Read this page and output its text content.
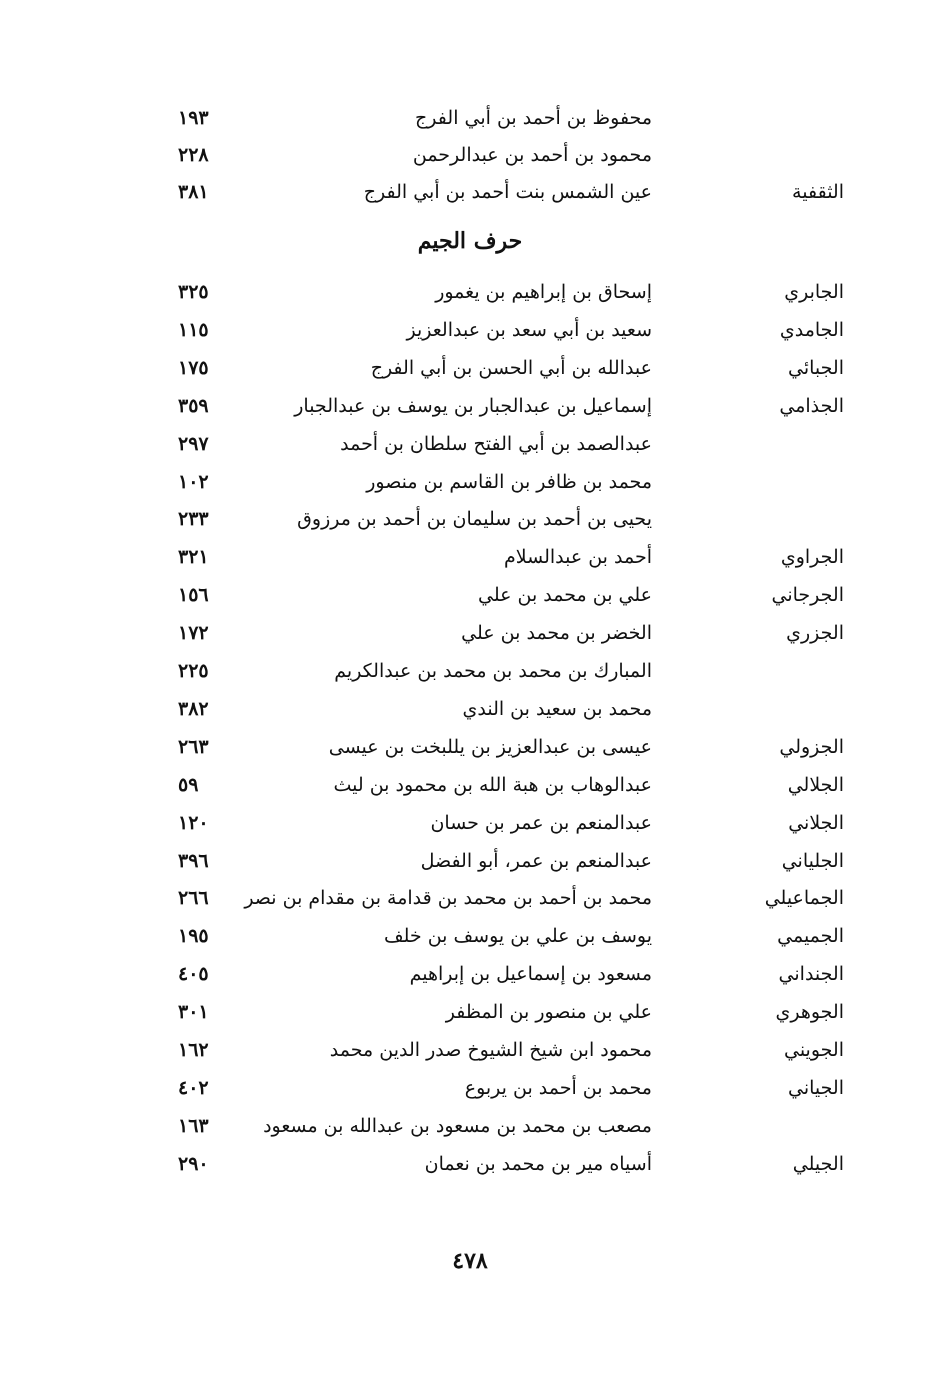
محفوظ بن أحمد بن أبي الفرج
١٩٣
محمود بن أحمد بن عبدالرحمن
٢٢٨
الثقفية
عين الشمس بنت أحمد بن أبي الفرج
٣٨١
حرف الجيم
الجابري
إسحاق بن إبراهيم بن يغمور
٣٢٥
الجامدي
سعيد بن أبي سعد بن عبدالعزيز
١١٥
الجبائي
عبدالله بن أبي الحسن بن أبي الفرج
١٧٥
الجذامي
إسماعيل بن عبدالجبار بن يوسف بن عبدالجبار
٣٥٩
عبدالصمد بن أبي الفتح سلطان بن أحمد
٢٩٧
محمد بن ظافر بن القاسم بن منصور
١٠٢
يحيى بن أحمد بن سليمان بن أحمد بن مرزوق
٢٣٣
الجراوي
أحمد بن عبدالسلام
٣٢١
الجرجاني
علي بن محمد بن علي
١٥٦
الجزري
الخضر بن محمد بن علي
١٧٢
المبارك بن محمد بن محمد بن عبدالكريم
٢٢٥
محمد بن سعيد بن الندي
٣٨٢
الجزولي
عيسى بن عبدالعزيز بن يللبخت بن عيسى
٢٦٣
الجلالي
عبدالوهاب بن هبة الله بن محمود بن ليث
٥٩
الجلاني
عبدالمنعم بن عمر بن حسان
١٢٠
الجلياني
عبدالمنعم بن عمر، أبو الفضل
٣٩٦
الجماعيلي
محمد بن أحمد بن محمد بن قدامة بن مقدام بن نصر
٢٦٦
الجميمي
يوسف بن علي بن يوسف بن خلف
١٩٥
الجنداني
مسعود بن إسماعيل بن إبراهيم
٤٠٥
الجوهري
علي بن منصور بن المظفر
٣٠١
الجويني
محمود ابن شيخ الشيوخ صدر الدين محمد
١٦٢
الجياني
محمد بن أحمد بن يربوع
٤٠٢
مصعب بن محمد بن مسعود بن عبدالله بن مسعود
١٦٣
الجيلي
أسياه مير بن محمد بن نعمان
٢٩٠
٤٧٨
